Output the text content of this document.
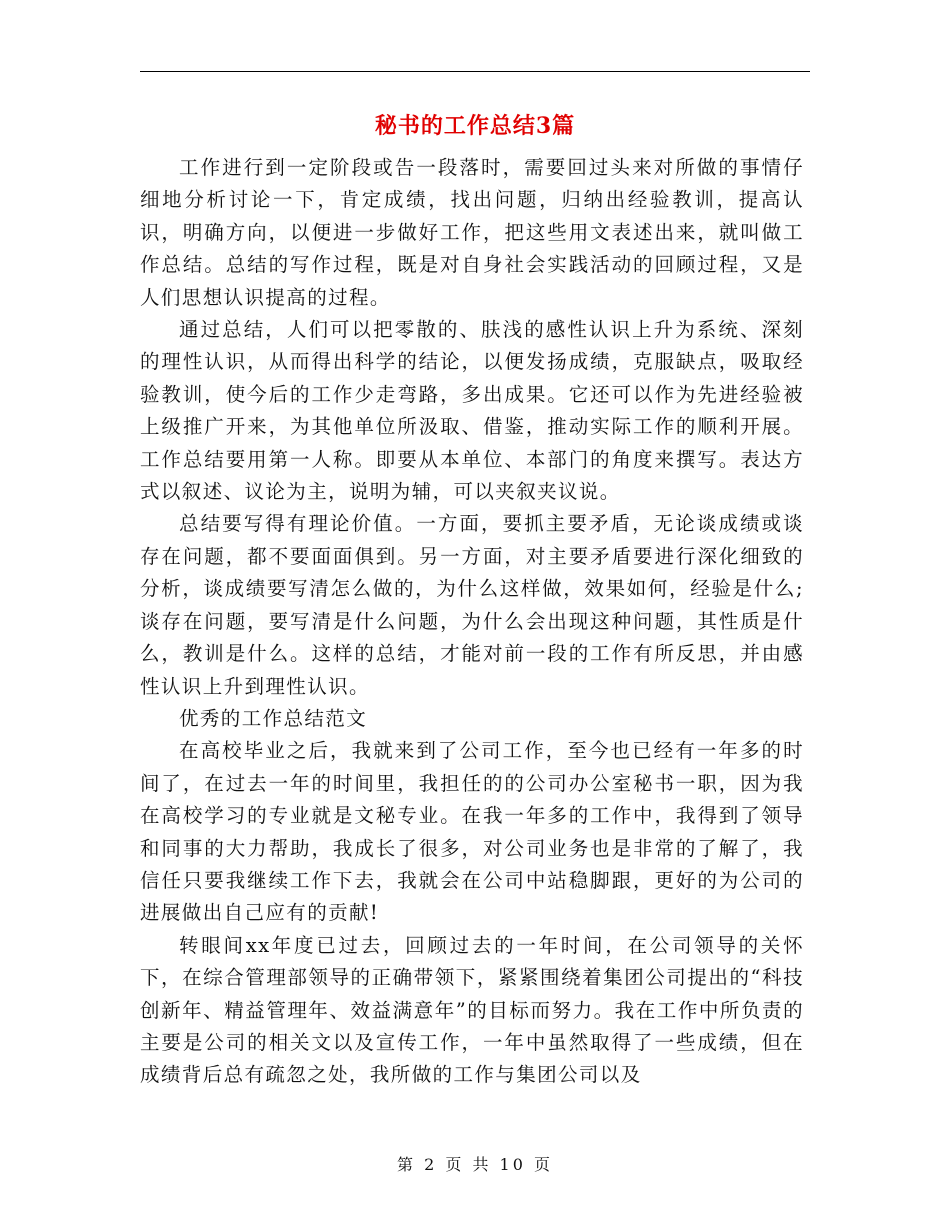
秘书的工作总结3篇

工作进行到一定阶段或告一段落时，需要回过头来对所做的事情仔细地分析讨论一下，肯定成绩，找出问题，归纳出经验教训，提高认识，明确方向，以便进一步做好工作，把这些用文表述出来，就叫做工作总结。总结的写作过程，既是对自身社会实践活动的回顾过程，又是人们思想认识提高的过程。

通过总结，人们可以把零散的、肤浅的感性认识上升为系统、深刻的理性认识，从而得出科学的结论，以便发扬成绩，克服缺点，吸取经验教训，使今后的工作少走弯路，多出成果。它还可以作为先进经验被上级推广开来，为其他单位所汲取、借鉴，推动实际工作的顺利开展。工作总结要用第一人称。即要从本单位、本部门的角度来撰写。表达方式以叙述、议论为主，说明为辅，可以夹叙夹议说。

总结要写得有理论价值。一方面，要抓主要矛盾，无论谈成绩或谈存在问题，都不要面面俱到。另一方面，对主要矛盾要进行深化细致的分析，谈成绩要写清怎么做的，为什么这样做，效果如何，经验是什么;谈存在问题，要写清是什么问题，为什么会出现这种问题，其性质是什么，教训是什么。这样的总结，才能对前一段的工作有所反思，并由感性认识上升到理性认识。

优秀的工作总结范文

在高校毕业之后，我就来到了公司工作，至今也已经有一年多的时间了，在过去一年的时间里，我担任的的公司办公室秘书一职，因为我在高校学习的专业就是文秘专业。在我一年多的工作中，我得到了领导和同事的大力帮助，我成长了很多，对公司业务也是非常的了解了，我信任只要我继续工作下去，我就会在公司中站稳脚跟，更好的为公司的进展做出自己应有的贡献!

转眼间xx年度已过去，回顾过去的一年时间，在公司领导的关怀下，在综合管理部领导的正确带领下，紧紧围绕着集团公司提出的“科技创新年、精益管理年、效益满意年”的目标而努力。我在工作中所负责的主要是公司的相关文以及宣传工作，一年中虽然取得了一些成绩，但在成绩背后总有疏忽之处，我所做的工作与集团公司以及

第 2 页 共 10 页
